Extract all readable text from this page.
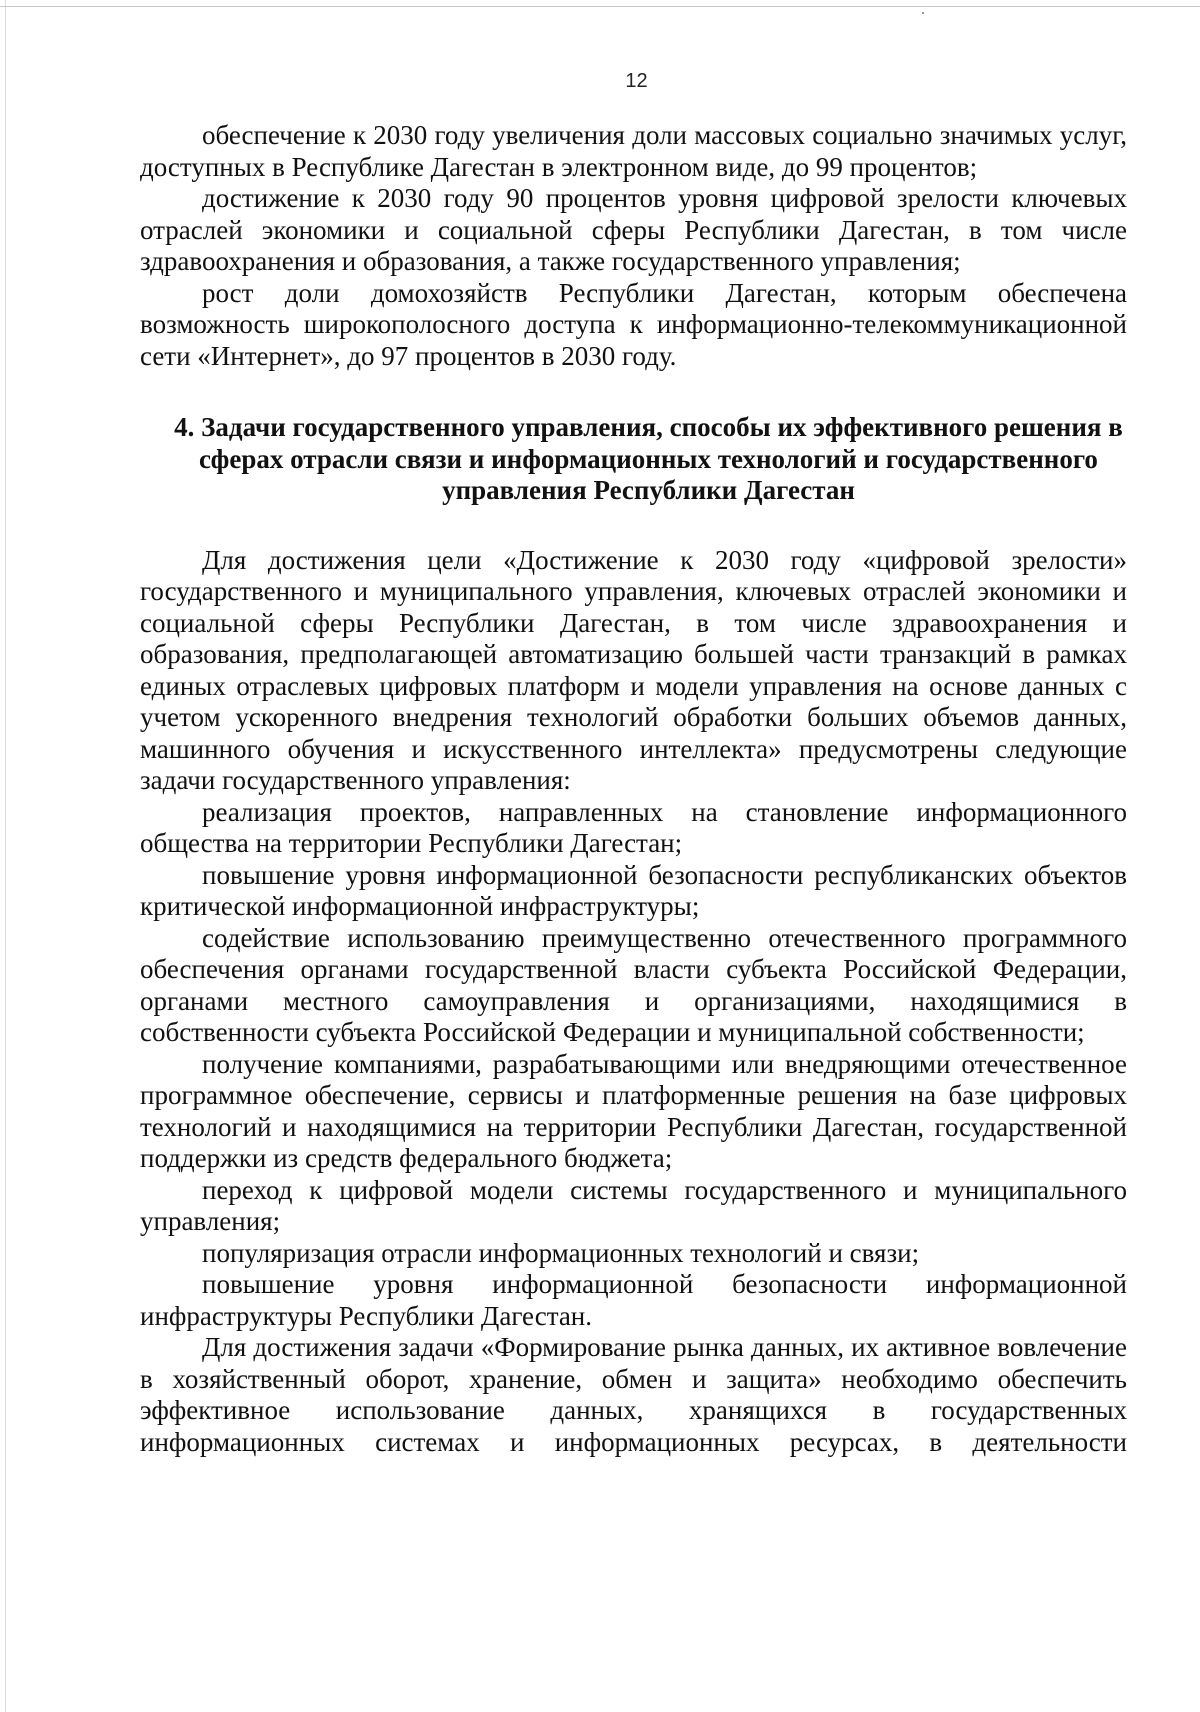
12

обеспечение к 2030 году увеличения доли массовых социально значимых услуг, доступных в Республике Дагестан в электронном виде, до 99 процентов;

достижение к 2030 году 90 процентов уровня цифровой зрелости ключевых отраслей экономики и социальной сферы Республики Дагестан, в том числе здравоохранения и образования, а также государственного управления;

рост доли домохозяйств Республики Дагестан, которым обеспечена возможность широкополосного доступа к информационно-телекоммуникационной сети «Интернет», до 97 процентов в 2030 году.

4. Задачи государственного управления, способы их эффективного решения в сферах отрасли связи и информационных технологий и государственного управления Республики Дагестан

Для достижения цели «Достижение к 2030 году «цифровой зрелости» государственного и муниципального управления, ключевых отраслей экономики и социальной сферы Республики Дагестан, в том числе здравоохранения и образования, предполагающей автоматизацию большей части транзакций в рамках единых отраслевых цифровых платформ и модели управления на основе данных с учетом ускоренного внедрения технологий обработки больших объемов данных, машинного обучения и искусственного интеллекта» предусмотрены следующие задачи государственного управления:

реализация проектов, направленных на становление информационного общества на территории Республики Дагестан;

повышение уровня информационной безопасности республиканских объектов критической информационной инфраструктуры;

содействие использованию преимущественно отечественного программного обеспечения органами государственной власти субъекта Российской Федерации, органами местного самоуправления и организациями, находящимися в собственности субъекта Российской Федерации и муниципальной собственности;

получение компаниями, разрабатывающими или внедряющими отечественное программное обеспечение, сервисы и платформенные решения на базе цифровых технологий и находящимися на территории Республики Дагестан, государственной поддержки из средств федерального бюджета;

переход к цифровой модели системы государственного и муниципального управления;

популяризация отрасли информационных технологий и связи;

повышение уровня информационной безопасности информационной инфраструктуры Республики Дагестан.

Для достижения задачи «Формирование рынка данных, их активное вовлечение в хозяйственный оборот, хранение, обмен и защита» необходимо обеспечить эффективное использование данных, хранящихся в государственных информационных системах и информационных ресурсах, в деятельности
